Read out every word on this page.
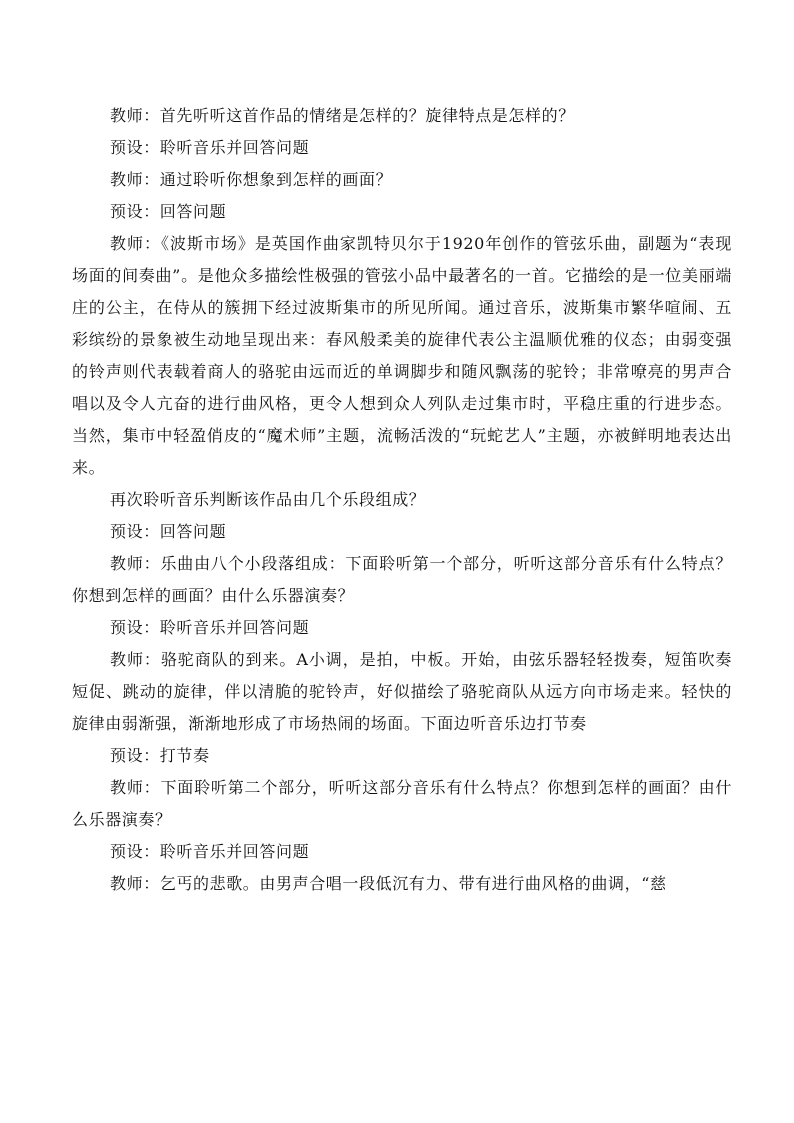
教师：首先听听这首作品的情绪是怎样的？旋律特点是怎样的？

预设：聆听音乐并回答问题

教师：通过聆听你想象到怎样的画面？

预设：回答问题

教师：《波斯市场》是英国作曲家凯特贝尔于1920年创作的管弦乐曲，副题为“表现场面的间奏曲”。是他众多描绘性极强的管弦小品中最著名的一首。它描绘的是一位美丽端庄的公主，在侍从的簇拥下经过波斯集市的所见所闻。通过音乐，波斯集市繁华喧闹、五彩缤纷的景象被生动地呈现出来：春风般柔美的旋律代表公主温顺优雅的仪态；由弱变强的铃声则代表载着商人的骆驼由远而近的单调脚步和随风飘荡的驼铃；非常嘹亮的男声合唱以及令人亢奋的进行曲风格，更令人想到众人列队走过集市时，平稳庄重的行进步态。当然，集市中轻盈俏皮的“魔术师”主题，流畅活泼的“玩蛇艺人”主题，亦被鲜明地表达出来。

再次聆听音乐判断该作品由几个乐段组成？

预设：回答问题

教师：乐曲由八个小段落组成：下面聆听第一个部分，听听这部分音乐有什么特点？你想到怎样的画面？由什么乐器演奏？

预设：聆听音乐并回答问题

教师：骆驼商队的到来。A小调，是拍，中板。开始，由弦乐器轻轻拨奏，短笛吹奏短促、跳动的旋律，伴以清脆的驼铃声，好似描绘了骆驼商队从远方向市场走来。轻快的旋律由弱渐强，渐渐地形成了市场热闹的场面。下面边听音乐边打节奏

预设：打节奏

教师：下面聆听第二个部分，听听这部分音乐有什么特点？你想到怎样的画面？由什么乐器演奏？

预设：聆听音乐并回答问题

教师：乞丐的悲歌。由男声合唱一段低沉有力、带有进行曲风格的曲调，“慈
